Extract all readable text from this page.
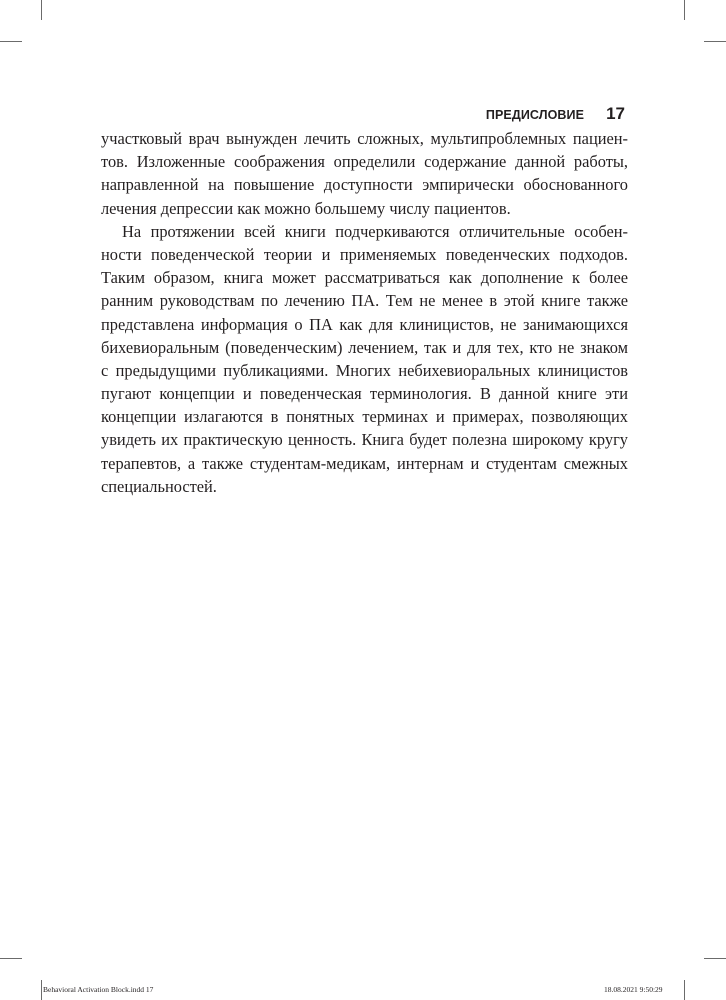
ПРЕДИСЛОВИЕ 17
участковый врач вынужден лечить сложных, мультипроблемных пациен-
тов. Изложенные соображения определили содержание данной работы,
направленной на повышение доступности эмпирически обоснованного
лечения депрессии как можно большему числу пациентов.
На протяжении всей книги подчеркиваются отличительные особен-
ности поведенческой теории и применяемых поведенческих подходов.
Таким образом, книга может рассматриваться как дополнение к более
ранним руководствам по лечению ПА. Тем не менее в этой книге также
представлена информация о ПА как для клиницистов, не занимающихся
бихевиоральным (поведенческим) лечением, так и для тех, кто не знаком
с предыдущими публикациями. Многих небихевиоральных клиницистов
пугают концепции и поведенческая терминология. В данной книге эти
концепции излагаются в понятных терминах и примерах, позволяющих
увидеть их практическую ценность. Книга будет полезна широкому кругу
терапевтов, а также студентам-медикам, интернам и студентам смежных
специальностей.
Behavioral Activation Block.indd 17	18.08.2021 9:50:29
